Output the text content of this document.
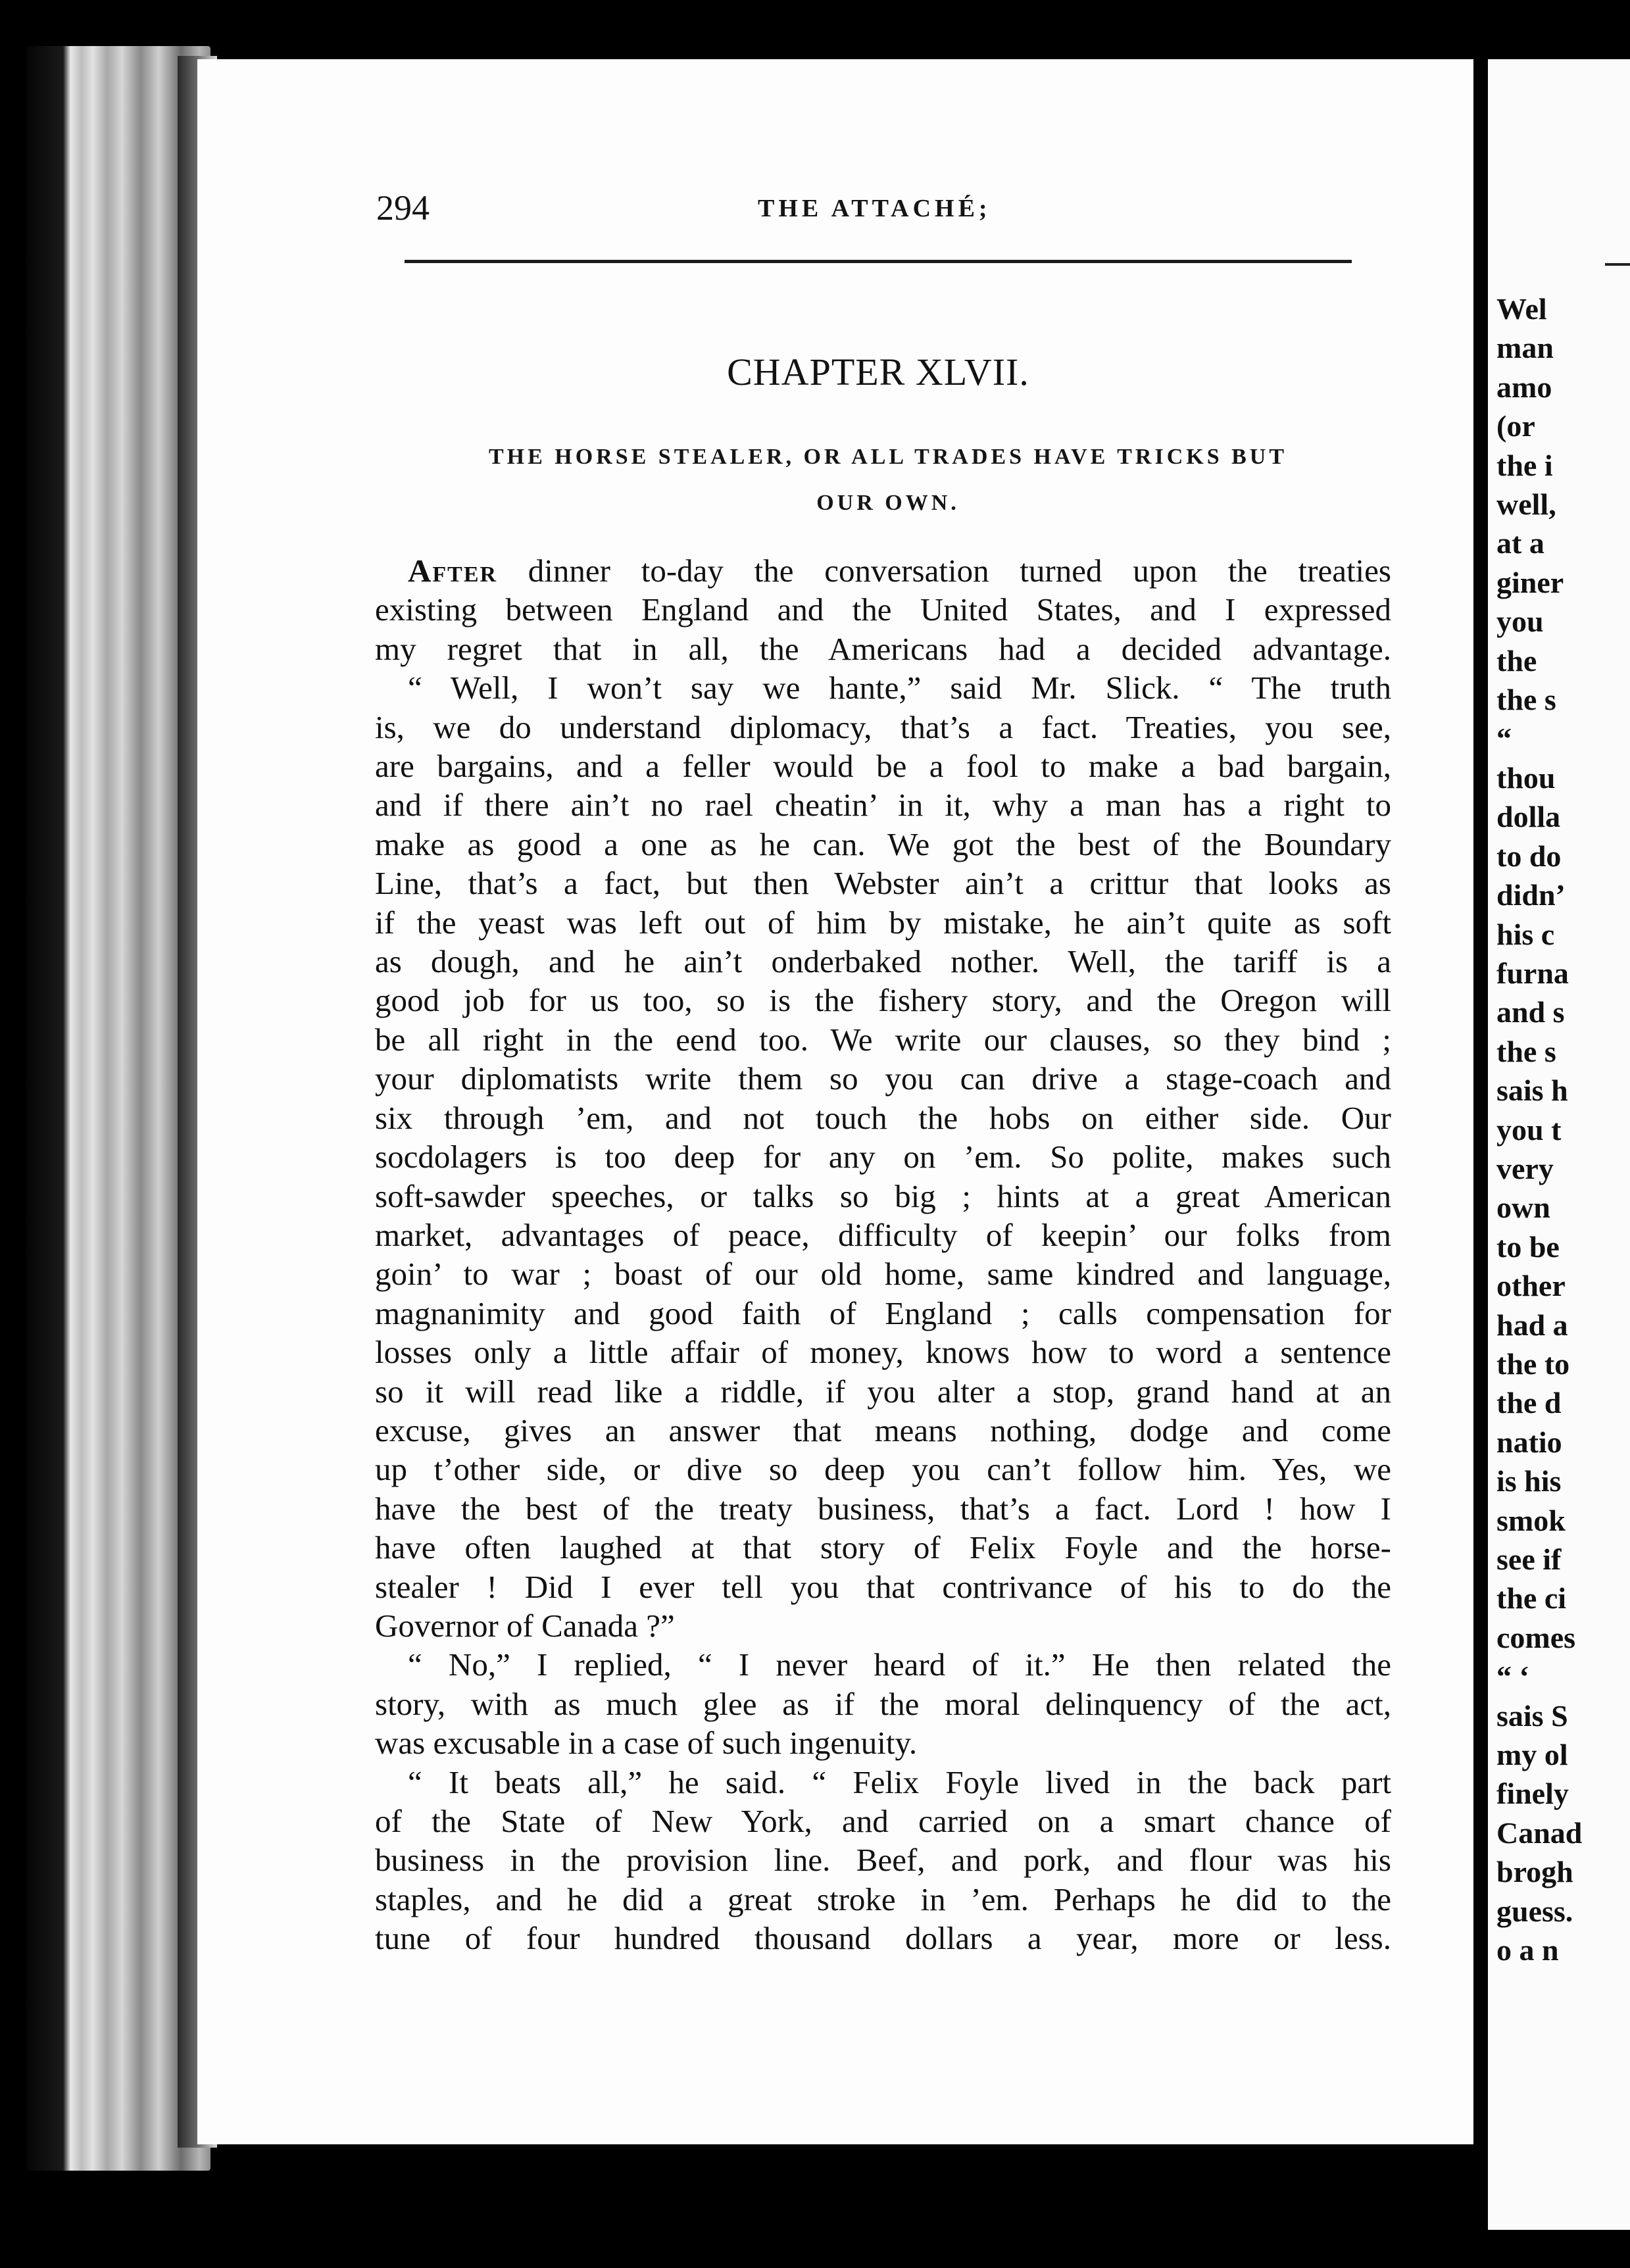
294	THE ATTACHÉ;
CHAPTER XLVII.
THE HORSE STEALER, OR ALL TRADES HAVE TRICKS BUT
OUR OWN.
After dinner to-day the conversation turned upon the treaties
existing between England and the United States, and I expressed
my regret that in all, the Americans had a decided advantage.
“ Well, I won’t say we hante,” said Mr. Slick. “ The truth
is, we do understand diplomacy, that’s a fact. Treaties, you see,
are bargains, and a feller would be a fool to make a bad bargain,
and if there ain’t no rael cheatin’ in it, why a man has a right to
make as good a one as he can. We got the best of the Boundary
Line, that’s a fact, but then Webster ain’t a crittur that looks as
if the yeast was left out of him by mistake, he ain’t quite as soft
as dough, and he ain’t onderbaked nother. Well, the tariff is a
good job for us too, so is the fishery story, and the Oregon will
be all right in the eend too. We write our clauses, so they bind ;
your diplomatists write them so you can drive a stage-coach and
six through ’em, and not touch the hobs on either side. Our
socdolagers is too deep for any on ’em. So polite, makes such
soft-sawder speeches, or talks so big ; hints at a great American
market, advantages of peace, difficulty of keepin’ our folks from
goin’ to war ; boast of our old home, same kindred and language,
magnanimity and good faith of England ; calls compensation for
losses only a little affair of money, knows how to word a sentence
so it will read like a riddle, if you alter a stop, grand hand at an
excuse, gives an answer that means nothing, dodge and come
up t’other side, or dive so deep you can’t follow him. Yes, we
have the best of the treaty business, that’s a fact. Lord ! how I
have often laughed at that story of Felix Foyle and the horse-
stealer ! Did I ever tell you that contrivance of his to do the
Governor of Canada ?”
“ No,” I replied, “ I never heard of it.” He then related the
story, with as much glee as if the moral delinquency of the act,
was excusable in a case of such ingenuity.
“ It beats all,” he said. “ Felix Foyle lived in the back part
of the State of New York, and carried on a smart chance of
business in the provision line. Beef, and pork, and flour was his
staples, and he did a great stroke in ’em. Perhaps he did to the
tune of four hundred thousand dollars a year, more or less.
Wel
man
amo
(or
the i
well,
at a
giner
you
the
the s
“
thou
dolla
to do
didn’
his c
furna
and s
the s
sais h
you t
very
own
to be
other
had a
the to
the d
natio
is his
smok
see if
the ci
comes
“ ‘
sais S
my ol
finely
Canad
brogh
guess.
o a n
